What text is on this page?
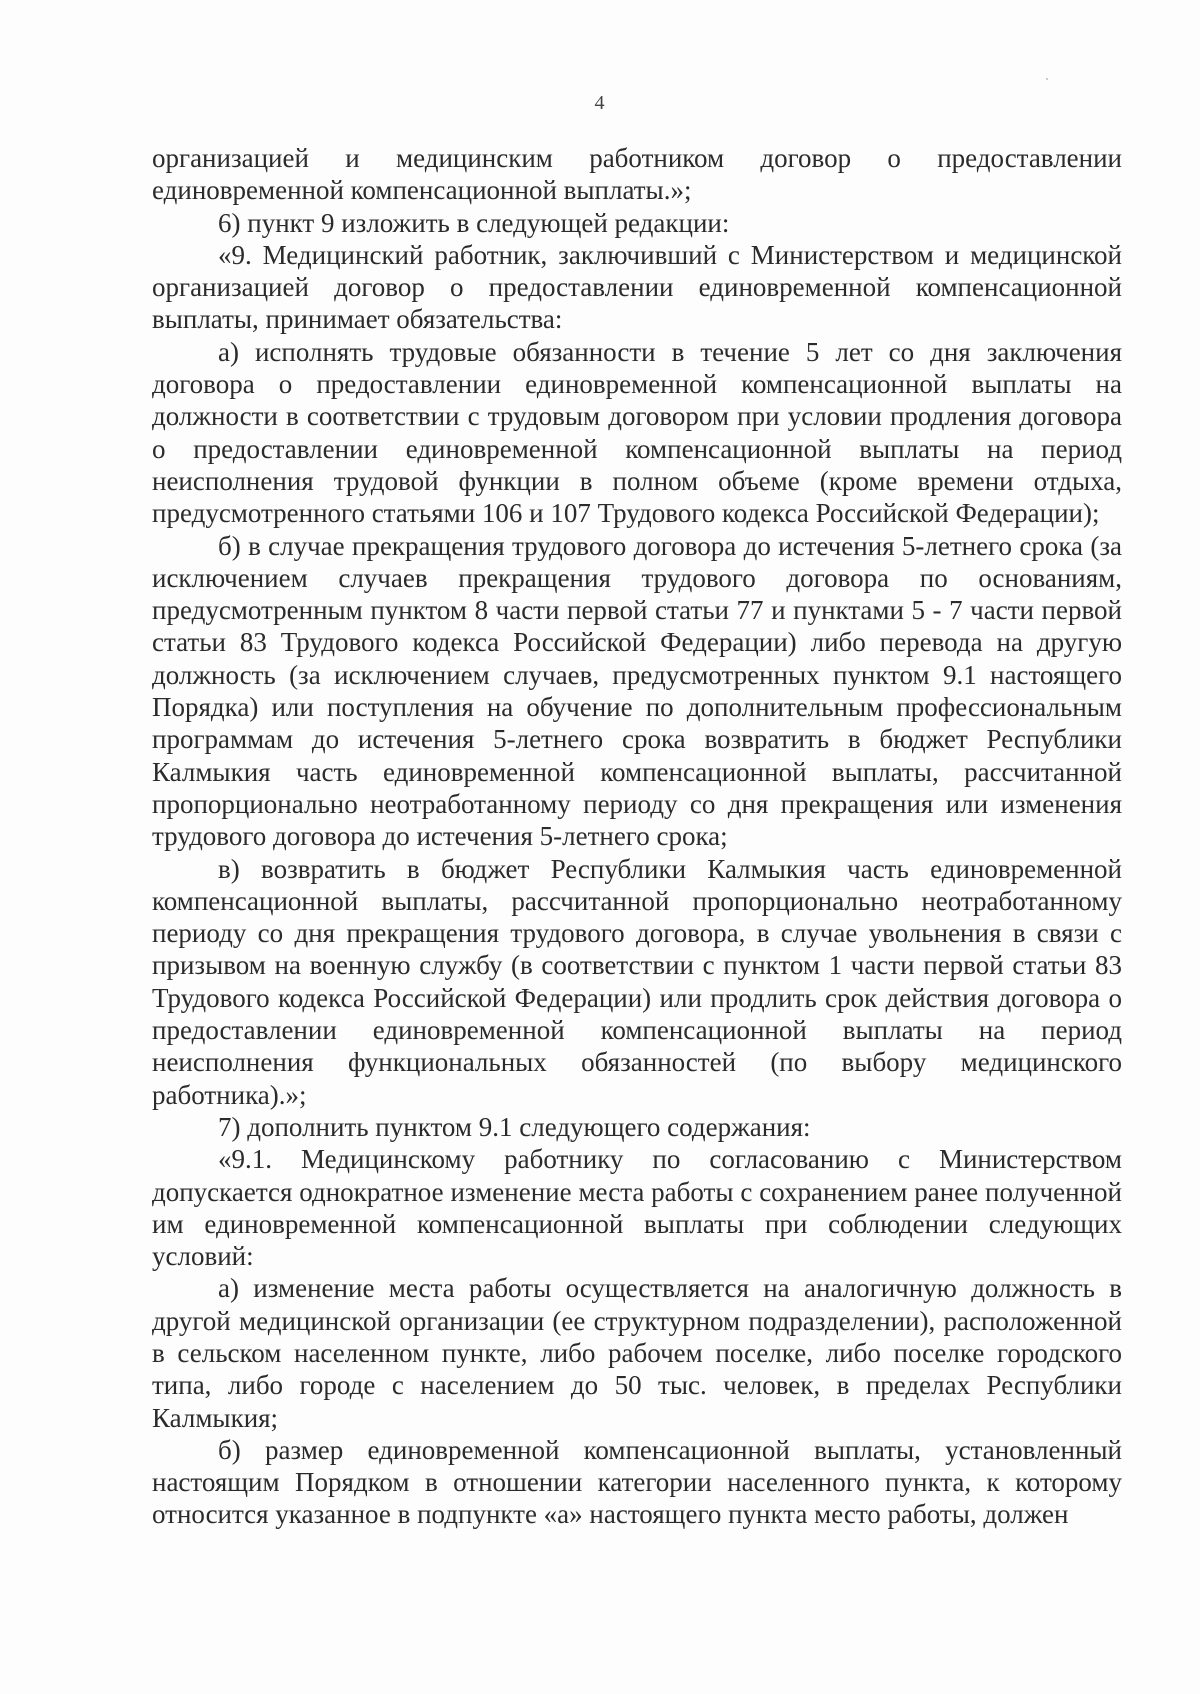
4

организацией и медицинским работником договор о предоставлении единовременной компенсационной выплаты.»;

6) пункт 9 изложить в следующей редакции:

«9. Медицинский работник, заключивший с Министерством и медицинской организацией договор о предоставлении единовременной компенсационной выплаты, принимает обязательства:

а) исполнять трудовые обязанности в течение 5 лет со дня заключения договора о предоставлении единовременной компенсационной выплаты на должности в соответствии с трудовым договором при условии продления договора о предоставлении единовременной компенсационной выплаты на период неисполнения трудовой функции в полном объеме (кроме времени отдыха, предусмотренного статьями 106 и 107 Трудового кодекса Российской Федерации);

б) в случае прекращения трудового договора до истечения 5-летнего срока (за исключением случаев прекращения трудового договора по основаниям, предусмотренным пунктом 8 части первой статьи 77 и пунктами 5 - 7 части первой статьи 83 Трудового кодекса Российской Федерации) либо перевода на другую должность (за исключением случаев, предусмотренных пунктом 9.1 настоящего Порядка) или поступления на обучение по дополнительным профессиональным программам до истечения 5-летнего срока возвратить в бюджет Республики Калмыкия часть единовременной компенсационной выплаты, рассчитанной пропорционально неотработанному периоду со дня прекращения или изменения трудового договора до истечения 5-летнего срока;

в) возвратить в бюджет Республики Калмыкия часть единовременной компенсационной выплаты, рассчитанной пропорционально неотработанному периоду со дня прекращения трудового договора, в случае увольнения в связи с призывом на военную службу (в соответствии с пунктом 1 части первой статьи 83 Трудового кодекса Российской Федерации) или продлить срок действия договора о предоставлении единовременной компенсационной выплаты на период неисполнения функциональных обязанностей (по выбору медицинского работника).»;

7) дополнить пунктом 9.1 следующего содержания:

«9.1. Медицинскому работнику по согласованию с Министерством допускается однократное изменение места работы с сохранением ранее полученной им единовременной компенсационной выплаты при соблюдении следующих условий:

а) изменение места работы осуществляется на аналогичную должность в другой медицинской организации (ее структурном подразделении), расположенной в сельском населенном пункте, либо рабочем поселке, либо поселке городского типа, либо городе с населением до 50 тыс. человек, в пределах Республики Калмыкия;

б) размер единовременной компенсационной выплаты, установленный настоящим Порядком в отношении категории населенного пункта, к которому относится указанное в подпункте «а» настоящего пункта место работы, должен
